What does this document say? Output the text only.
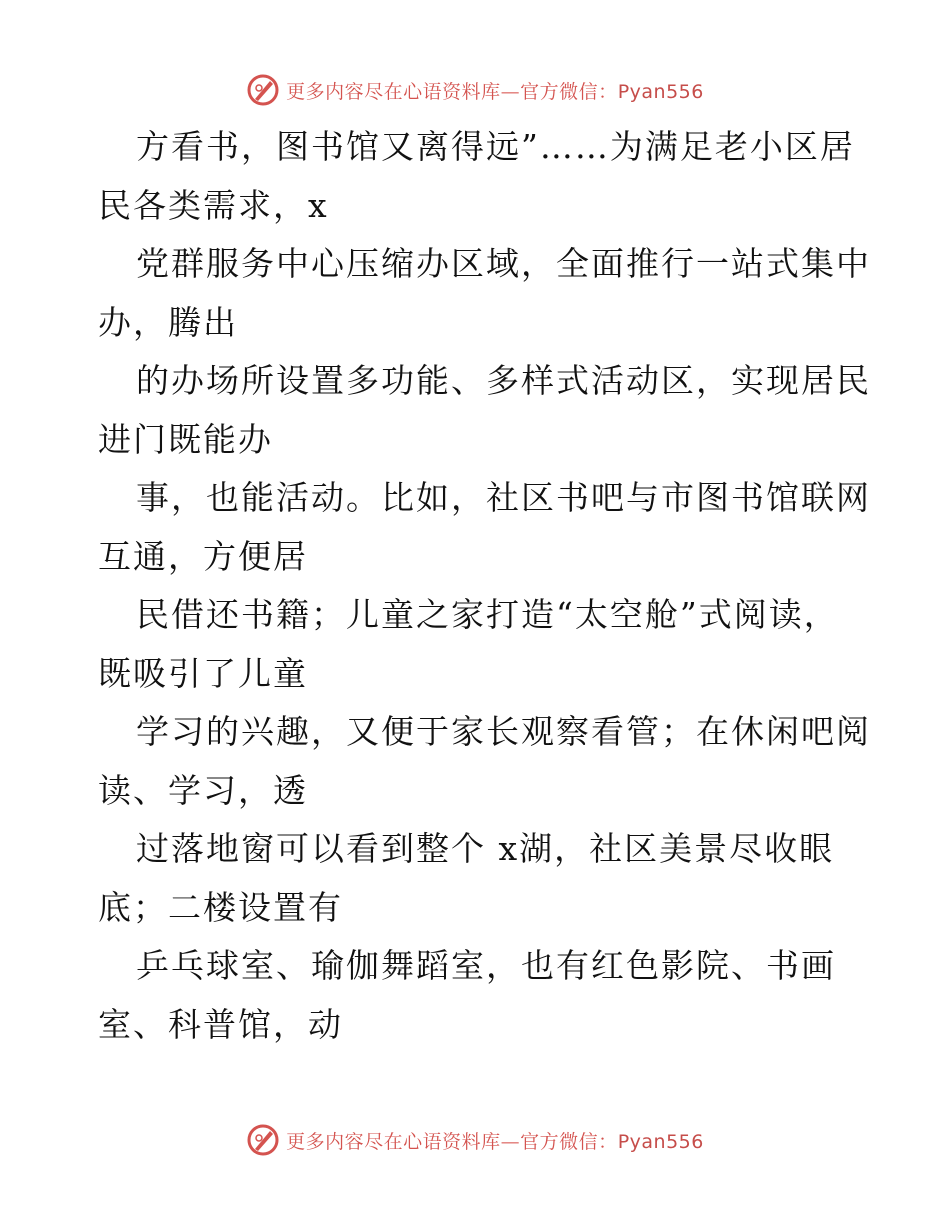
更多内容尽在心语资料库—官方微信：Pyan556
方看书，图书馆又离得远”……为满足老小区居
民各类需求，x
党群服务中心压缩办区域，全面推行一站式集中
办，腾出
的办场所设置多功能、多样式活动区，实现居民
进门既能办
事，也能活动。比如，社区书吧与市图书馆联网
互通，方便居
民借还书籍；儿童之家打造“太空舱”式阅读，
既吸引了儿童
学习的兴趣，又便于家长观察看管；在休闲吧阅
读、学习，透
过落地窗可以看到整个 x湖，社区美景尽收眼
底；二楼设置有
乒乓球室、瑜伽舞蹈室，也有红色影院、书画
室、科普馆，动
更多内容尽在心语资料库—官方微信：Pyan556
